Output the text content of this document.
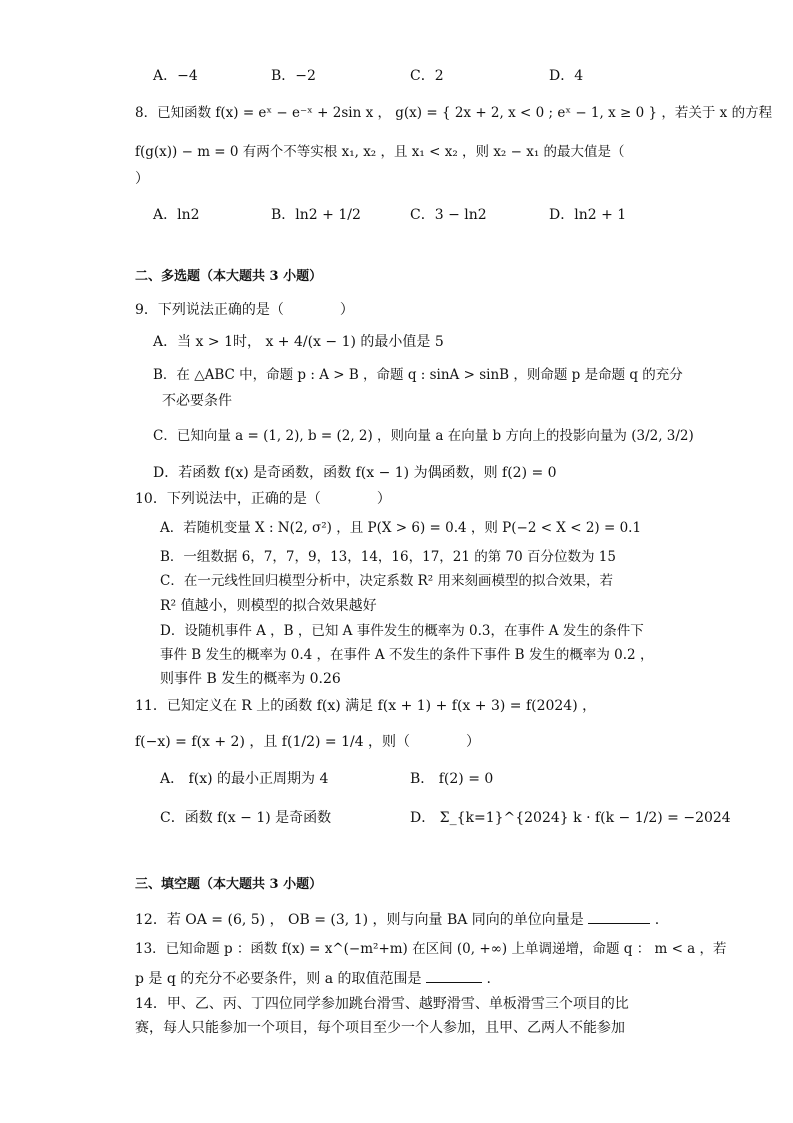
A．−4	B．−2	C．2	D．4
8．已知函数 f(x) = eˣ − e⁻ˣ + 2sin x ， g(x) = { 2x + 2, x < 0 ; eˣ − 1, x ≥ 0 } ，若关于 x 的方程
f(g(x)) − m = 0 有两个不等实根 x₁, x₂ ，且 x₁ < x₂ ，则 x₂ − x₁ 的最大值是（
）
A．ln2	B．ln2 + 1/2	C．3 − ln2	D．ln2 + 1
二、多选题（本大题共 3 小题）
9．下列说法正确的是（　　　　）
A．当 x > 1时， x + 4/(x − 1) 的最小值是 5
B．在 △ABC 中，命题 p : A > B ，命题 q : sinA > sinB ，则命题 p 是命题 q 的充分
不必要条件
C．已知向量 a = (1, 2), b = (2, 2) ，则向量 a 在向量 b 方向上的投影向量为 (3/2, 3/2)
D．若函数 f(x) 是奇函数，函数 f(x − 1) 为偶函数，则 f(2) = 0
10．下列说法中，正确的是（　　　　）
A．若随机变量 X : N(2, σ²) ，且 P(X > 6) = 0.4 ，则 P(−2 < X < 2) = 0.1
B．一组数据 6，7，7，9，13，14，16，17，21 的第 70 百分位数为 15
C．在一元线性回归模型分析中，决定系数 R² 用来刻画模型的拟合效果，若
R² 值越小，则模型的拟合效果越好
D．设随机事件 A ，B ，已知 A 事件发生的概率为 0.3，在事件 A 发生的条件下
事件 B 发生的概率为 0.4 ，在事件 A 不发生的条件下事件 B 发生的概率为 0.2 ，
则事件 B 发生的概率为 0.26
11．已知定义在 R 上的函数 f(x) 满足 f(x + 1) + f(x + 3) = f(2024) ，
f(−x) = f(x + 2) ，且 f(1/2) = 1/4 ，则（　　　　）
A． f(x) 的最小正周期为 4	B． f(2) = 0
C．函数 f(x − 1) 是奇函数	D． Σ_{k=1}^{2024} k · f(k − 1/2) = −2024
三、填空题（本大题共 3 小题）
12．若 OA = (6, 5) ， OB = (3, 1) ，则与向量 BA 同向的单位向量是	.
13．已知命题 p ：函数 f(x) = x^(−m²+m) 在区间 (0, +∞) 上单调递增，命题 q ： m < a ，若
p 是 q 的充分不必要条件，则 a 的取值范围是	.
14．甲、乙、丙、丁四位同学参加跳台滑雪、越野滑雪、单板滑雪三个项目的比
赛，每人只能参加一个项目，每个项目至少一个人参加，且甲、乙两人不能参加
